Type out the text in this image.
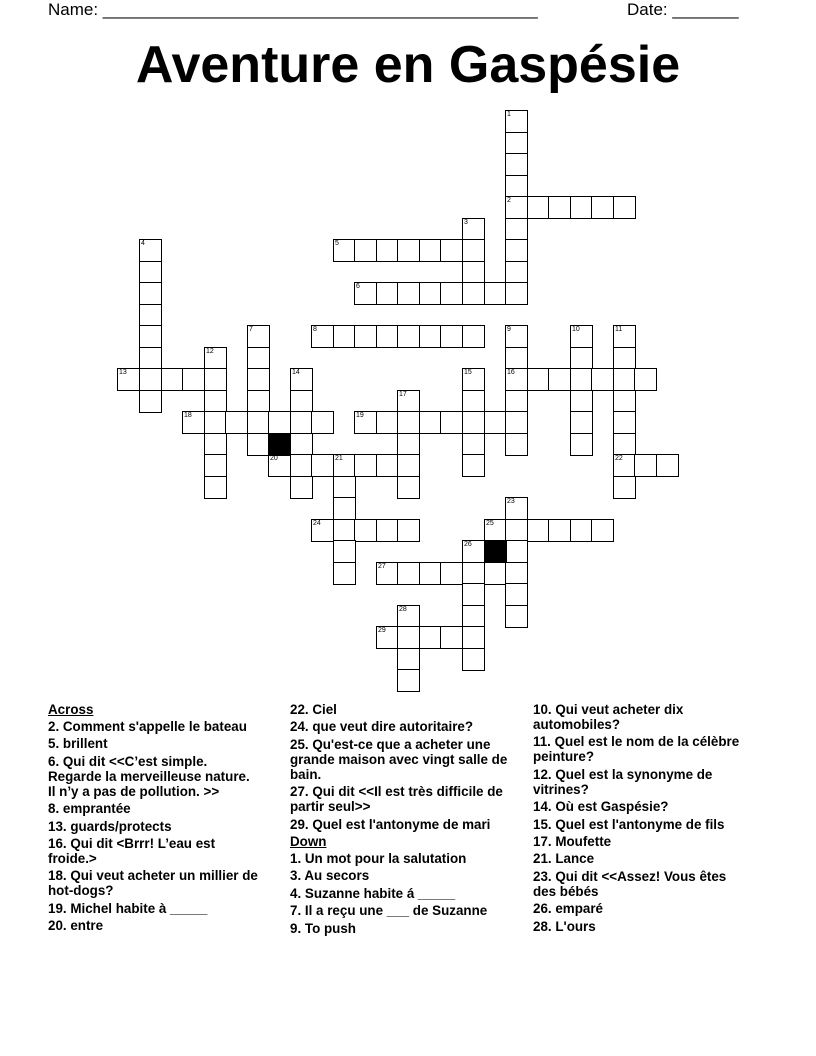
Name: ______________________________________________	Date: _______
Aventure en Gaspésie
1
2
3
4	5
6
7	8	9	10	11
12
13	14	15	16
17
18	19
20	21	22
23
24	25
26
27
28
29
Across
2. Comment s'appelle le bateau
5. brillent
6. Qui dit <<C’est simple. Regarde la merveilleuse nature. Il n’y a pas de pollution. >>
8. emprantée
13. guards/protects
16. Qui dit <Brrr! L’eau est froide.>
18. Qui veut acheter un millier de hot-dogs?
19. Michel habite à _____
20. entre
22. Ciel
24. que veut dire autoritaire?
25. Qu'est-ce que a acheter une grande maison avec vingt salle de bain.
27. Qui dit <<Il est très difficile de partir seul>>
29. Quel est l'antonyme de mari
Down
1. Un mot pour la salutation
3. Au secors
4. Suzanne habite á _____
7. Il a reçu une ___ de Suzanne
9. To push
10. Qui veut acheter dix automobiles?
11. Quel est le nom de la célèbre peinture?
12. Quel est la synonyme de vitrines?
14. Où est Gaspésie?
15. Quel est l'antonyme de fils
17. Moufette
21. Lance
23. Qui dit <<Assez! Vous êtes des bébés
26. emparé
28. L'ours
